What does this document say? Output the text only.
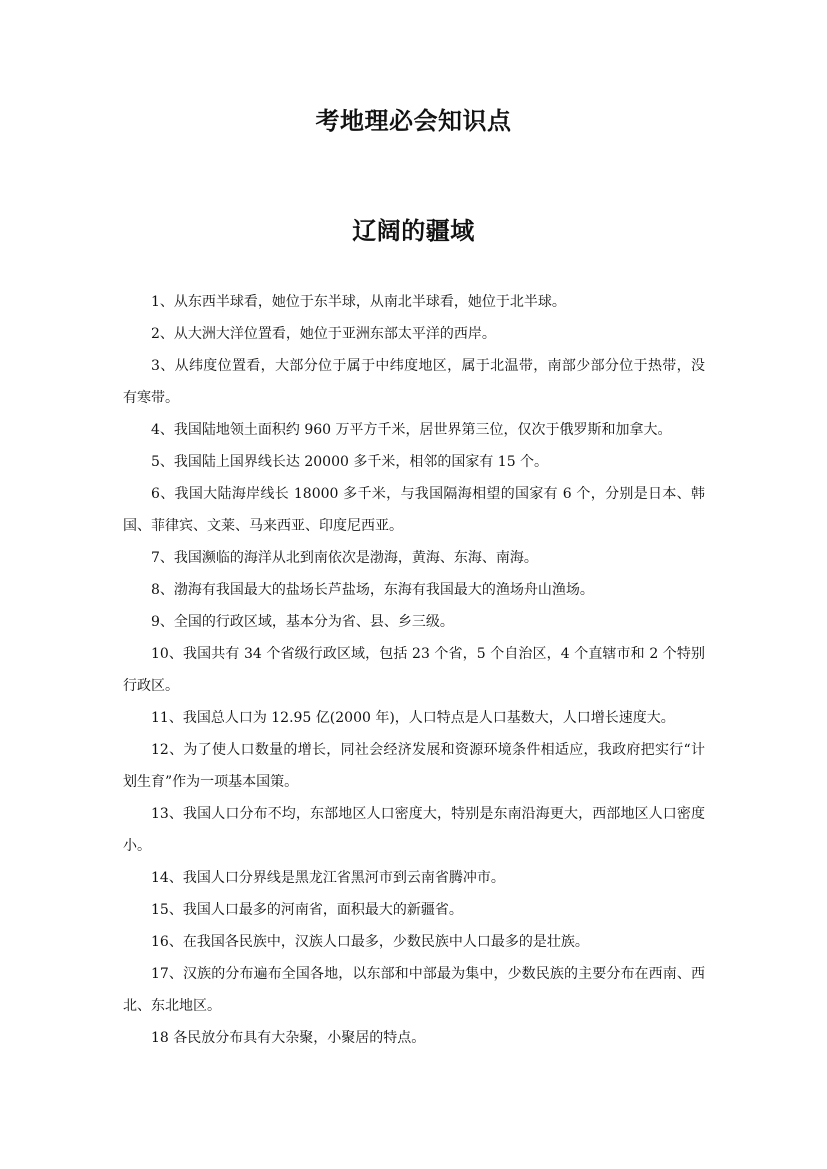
考地理必会知识点
辽阔的疆域

1、从东西半球看，她位于东半球，从南北半球看，她位于北半球。

2、从大洲大洋位置看，她位于亚洲东部太平洋的西岸。

3、从纬度位置看，大部分位于属于中纬度地区，属于北温带，南部少部分位于热带，没有寒带。

4、我国陆地领土面积约 960 万平方千米，居世界第三位，仅次于俄罗斯和加拿大。

5、我国陆上国界线长达 20000 多千米，相邻的国家有 15 个。

6、我国大陆海岸线长 18000 多千米，与我国隔海相望的国家有 6 个，分别是日本、韩国、菲律宾、文莱、马来西亚、印度尼西亚。

7、我国濒临的海洋从北到南依次是渤海，黄海、东海、南海。

8、渤海有我国最大的盐场长芦盐场，东海有我国最大的渔场舟山渔场。

9、全国的行政区域，基本分为省、县、乡三级。

10、我国共有 34 个省级行政区域，包括 23 个省，5 个自治区，4 个直辖市和 2 个特别行政区。

11、我国总人口为 12.95 亿(2000 年)，人口特点是人口基数大，人口增长速度大。

12、为了使人口数量的增长，同社会经济发展和资源环境条件相适应，我政府把实行“计划生育”作为一项基本国策。

13、我国人口分布不均，东部地区人口密度大，特别是东南沿海更大，西部地区人口密度小。

14、我国人口分界线是黑龙江省黑河市到云南省腾冲市。

15、我国人口最多的河南省，面积最大的新疆省。

16、在我国各民族中，汉族人口最多，少数民族中人口最多的是壮族。

17、汉族的分布遍布全国各地，以东部和中部最为集中，少数民族的主要分布在西南、西北、东北地区。

18 各民放分布具有大杂聚，小聚居的特点。
